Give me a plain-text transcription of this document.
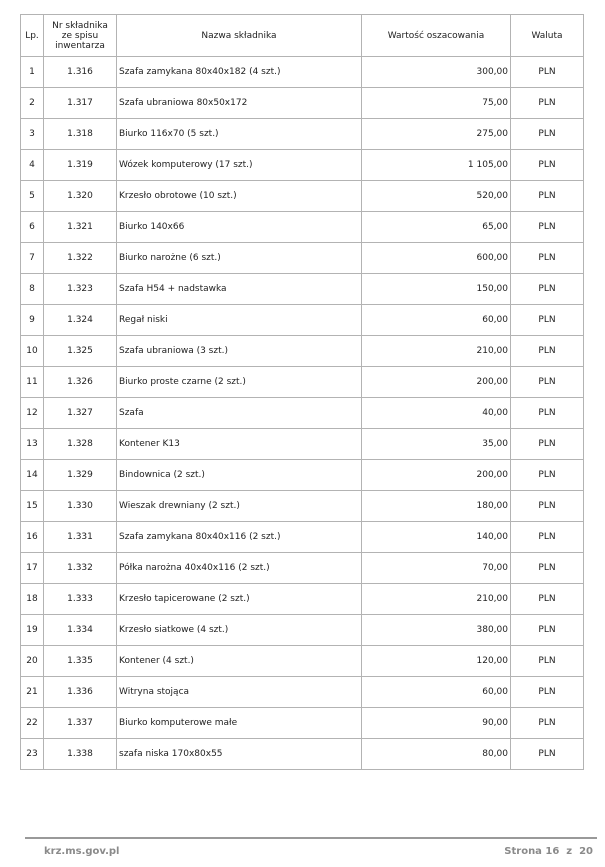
Lp.	Nr składnika ze spisu inwentarza	Nazwa składnika	Wartość oszacowania	Waluta
1	1.316	Szafa zamykana 80x40x182 (4 szt.)	300,00	PLN
2	1.317	Szafa ubraniowa 80x50x172	75,00	PLN
3	1.318	Biurko 116x70 (5 szt.)	275,00	PLN
4	1.319	Wózek komputerowy (17 szt.)	1 105,00	PLN
5	1.320	Krzesło obrotowe (10 szt.)	520,00	PLN
6	1.321	Biurko 140x66	65,00	PLN
7	1.322	Biurko narożne (6 szt.)	600,00	PLN
8	1.323	Szafa H54 + nadstawka	150,00	PLN
9	1.324	Regał niski	60,00	PLN
10	1.325	Szafa ubraniowa (3 szt.)	210,00	PLN
11	1.326	Biurko proste czarne (2 szt.)	200,00	PLN
12	1.327	Szafa	40,00	PLN
13	1.328	Kontener K13	35,00	PLN
14	1.329	Bindownica (2 szt.)	200,00	PLN
15	1.330	Wieszak drewniany (2 szt.)	180,00	PLN
16	1.331	Szafa zamykana 80x40x116 (2 szt.)	140,00	PLN
17	1.332	Półka narożna 40x40x116 (2 szt.)	70,00	PLN
18	1.333	Krzesło tapicerowane (2 szt.)	210,00	PLN
19	1.334	Krzesło siatkowe (4 szt.)	380,00	PLN
20	1.335	Kontener (4 szt.)	120,00	PLN
21	1.336	Witryna stojąca	60,00	PLN
22	1.337	Biurko komputerowe małe	90,00	PLN
23	1.338	szafa niska 170x80x55	80,00	PLN
krz.ms.gov.pl	Strona 16  z  20
